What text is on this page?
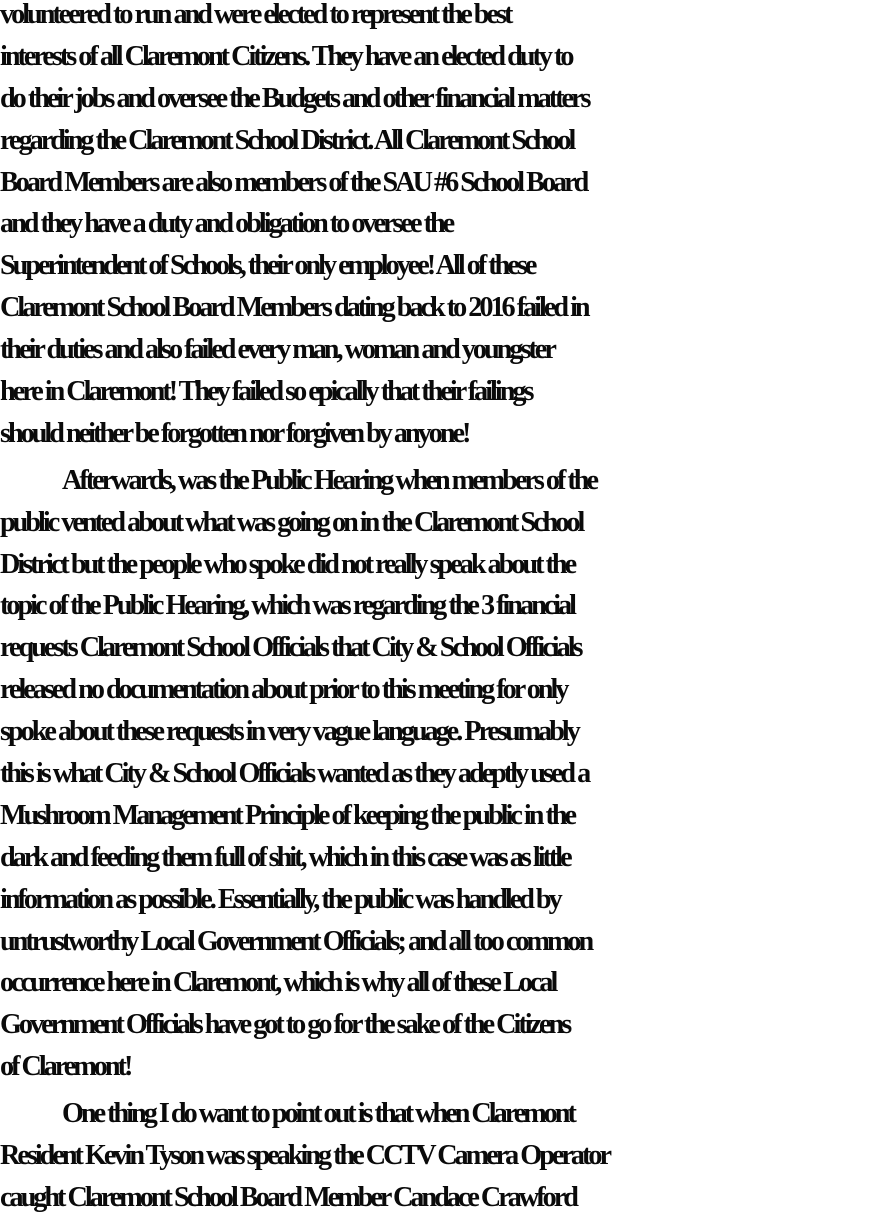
volunteered to run and were elected to represent the best
interests of all Claremont Citizens. They have an elected duty to
do their jobs and oversee the Budgets and other financial matters
regarding the Claremont School District. All Claremont School
Board Members are also members of the SAU #6 School Board
and they have a duty and obligation to oversee the
Superintendent of Schools, their only employee! All of these
Claremont School Board Members dating back to 2016 failed in
their duties and also failed every man, woman and youngster
here in Claremont! They failed so epically that their failings
should neither be forgotten nor forgiven by anyone!
Afterwards, was the Public Hearing when members of the
public vented about what was going on in the Claremont School
District but the people who spoke did not really speak about the
topic of the Public Hearing, which was regarding the 3 financial
requests Claremont School Officials that City & School Officials
released no documentation about prior to this meeting for only
spoke about these requests in very vague language. Presumably
this is what City & School Officials wanted as they adeptly used a
Mushroom Management Principle of keeping the public in the
dark and feeding them full of shit, which in this case was as little
information as possible. Essentially, the public was handled by
untrustworthy Local Government Officials; and all too common
occurrence here in Claremont, which is why all of these Local
Government Officials have got to go for the sake of the Citizens
of Claremont!
One thing I do want to point out is that when Claremont
Resident Kevin Tyson was speaking the CCTV Camera Operator
caught Claremont School Board Member Candace Crawford
